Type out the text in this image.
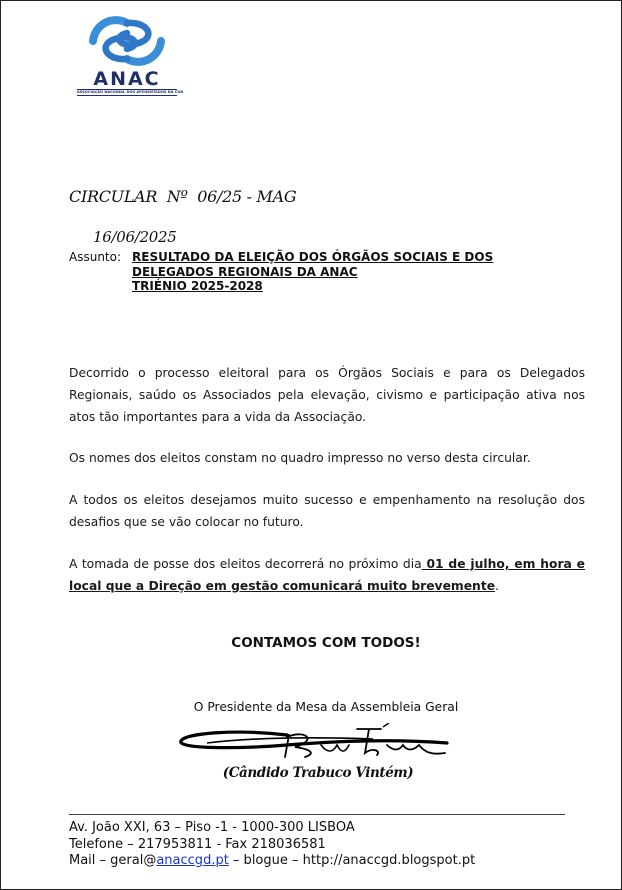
ANAC
ASSOCIAÇÃO NACIONAL DOS APOSENTADOS DA CGD
CIRCULAR  Nº  06/25 - MAG
16/06/2025
Assunto: RESULTADO DA ELEIÇÃO DOS ÓRGÃOS SOCIAIS E DOS
DELEGADOS REGIONAIS DA ANAC
TRIÉNIO 2025-2028
Decorrido o processo eleitoral para os Órgãos Sociais e para os Delegados Regionais, saúdo os Associados pela elevação, civismo e participação ativa nos atos tão importantes para a vida da Associação.
Os nomes dos eleitos constam no quadro impresso no verso desta circular.
A todos os eleitos desejamos muito sucesso e empenhamento na resolução dos desafios que se vão colocar no futuro.
A tomada de posse dos eleitos decorrerá no próximo dia 01 de julho, em hora e local que a Direção em gestão comunicará muito brevemente.
CONTAMOS COM TODOS!
O Presidente da Mesa da Assembleia Geral
(Cândido Trabuco Vintém)
Av. João XXI, 63 – Piso -1 - 1000-300 LISBOA
Telefone – 217953811 - Fax 218036581
Mail – geral@anaccgd.pt – blogue – http://anaccgd.blogspot.pt
